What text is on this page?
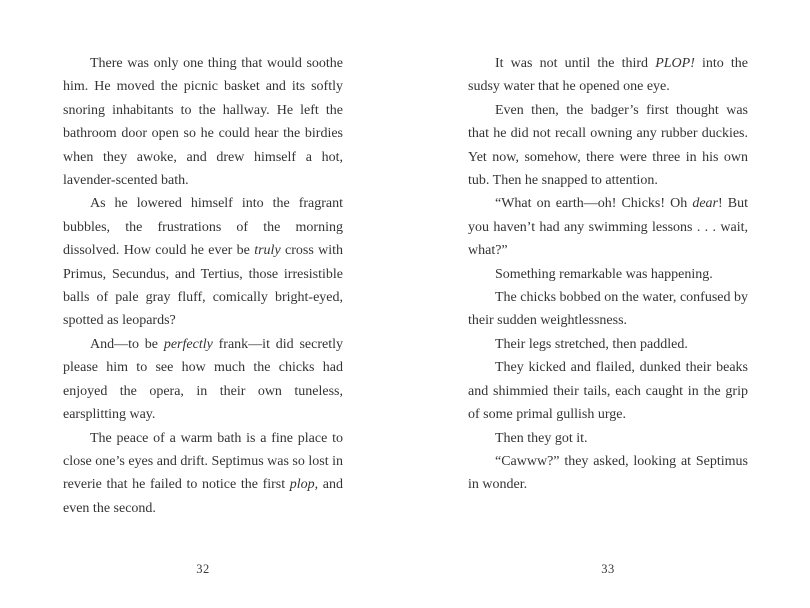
There was only one thing that would soothe him. He moved the picnic basket and its softly snoring inhabitants to the hallway. He left the bathroom door open so he could hear the birdies when they awoke, and drew himself a hot, lavender-scented bath.

As he lowered himself into the fragrant bubbles, the frustrations of the morning dissolved. How could he ever be truly cross with Primus, Secundus, and Tertius, those irresistible balls of pale gray fluff, comically bright-eyed, spotted as leopards?

And—to be perfectly frank—it did secretly please him to see how much the chicks had enjoyed the opera, in their own tuneless, earsplitting way.

The peace of a warm bath is a fine place to close one’s eyes and drift. Septimus was so lost in reverie that he failed to notice the first plop, and even the second.

32

It was not until the third PLOP! into the sudsy water that he opened one eye.

Even then, the badger’s first thought was that he did not recall owning any rubber duckies. Yet now, somehow, there were three in his own tub. Then he snapped to attention.

“What on earth—oh! Chicks! Oh dear! But you haven’t had any swimming lessons . . . wait, what?”

Something remarkable was happening.

The chicks bobbed on the water, confused by their sudden weightlessness.

Their legs stretched, then paddled.

They kicked and flailed, dunked their beaks and shimmied their tails, each caught in the grip of some primal gullish urge.

Then they got it.

“Cawww?” they asked, looking at Septimus in wonder.

33
